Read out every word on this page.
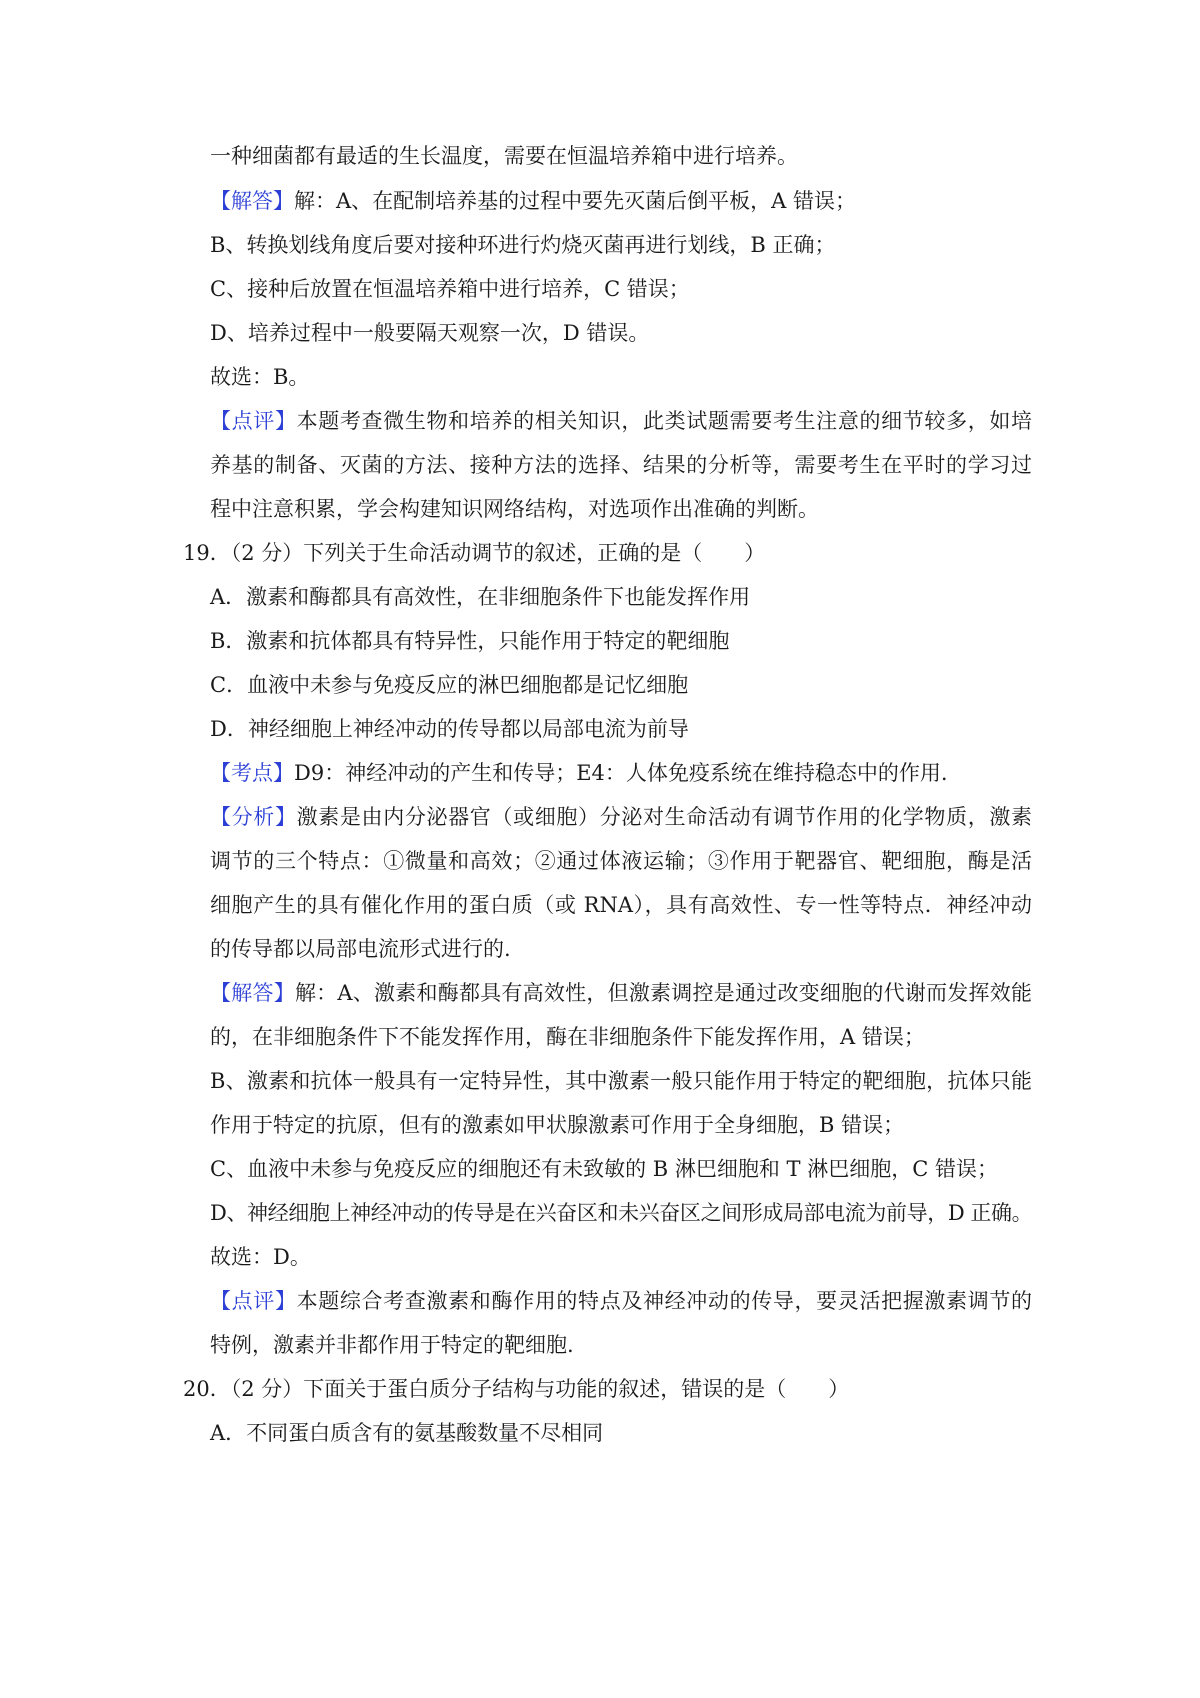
一种细菌都有最适的生长温度，需要在恒温培养箱中进行培养。
【解答】解：A、在配制培养基的过程中要先灭菌后倒平板，A 错误；
B、转换划线角度后要对接种环进行灼烧灭菌再进行划线，B 正确；
C、接种后放置在恒温培养箱中进行培养，C 错误；
D、培养过程中一般要隔天观察一次，D 错误。
故选：B。
【点评】本题考查微生物和培养的相关知识，此类试题需要考生注意的细节较多，如培
养基的制备、灭菌的方法、接种方法的选择、结果的分析等，需要考生在平时的学习过
程中注意积累，学会构建知识网络结构，对选项作出准确的判断。
19．（2 分）下列关于生命活动调节的叙述，正确的是（　　）
A．激素和酶都具有高效性，在非细胞条件下也能发挥作用
B．激素和抗体都具有特异性，只能作用于特定的靶细胞
C．血液中未参与免疫反应的淋巴细胞都是记忆细胞
D．神经细胞上神经冲动的传导都以局部电流为前导
【考点】D9：神经冲动的产生和传导；E4：人体免疫系统在维持稳态中的作用.
【分析】激素是由内分泌器官（或细胞）分泌对生命活动有调节作用的化学物质，激素
调节的三个特点：①微量和高效；②通过体液运输；③作用于靶器官、靶细胞，酶是活
细胞产生的具有催化作用的蛋白质（或 RNA），具有高效性、专一性等特点．神经冲动
的传导都以局部电流形式进行的.
【解答】解：A、激素和酶都具有高效性，但激素调控是通过改变细胞的代谢而发挥效能
的，在非细胞条件下不能发挥作用，酶在非细胞条件下能发挥作用，A 错误；
B、激素和抗体一般具有一定特异性，其中激素一般只能作用于特定的靶细胞，抗体只能
作用于特定的抗原，但有的激素如甲状腺激素可作用于全身细胞，B 错误；
C、血液中未参与免疫反应的细胞还有未致敏的 B 淋巴细胞和 T 淋巴细胞，C 错误；
D、神经细胞上神经冲动的传导是在兴奋区和未兴奋区之间形成局部电流为前导，D 正确。
故选：D。
【点评】本题综合考查激素和酶作用的特点及神经冲动的传导，要灵活把握激素调节的
特例，激素并非都作用于特定的靶细胞.
20．（2 分）下面关于蛋白质分子结构与功能的叙述，错误的是（　　）
A．不同蛋白质含有的氨基酸数量不尽相同
